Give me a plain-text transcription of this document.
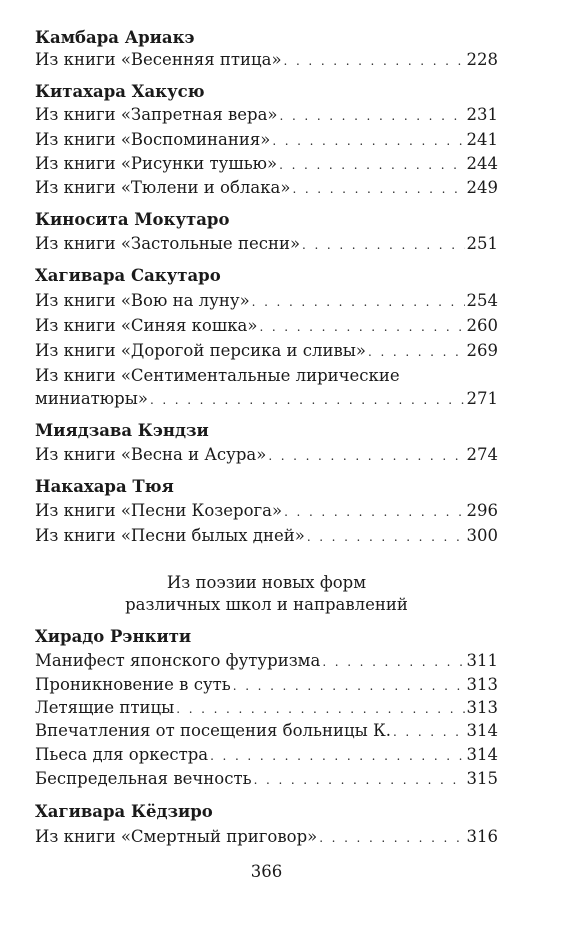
Камбара Ариакэ
Из книги «Весенняя птица» . . .	228
Китахара Хакусю
Из книги «Запретная вера» . . .	231
Из книги «Воспоминания» . . .	241
Из книги «Рисунки тушью» . . .	244
Из книги «Тюлени и облака» . . .	249
Киносита Мокутаро
Из книги «Застольные песни» . . .	251
Хагивара Сакутаро
Из книги «Вою на луну» . . .	254
Из книги «Синяя кошка» . . .	260
Из книги «Дорогой персика и сливы» . . .	269
Из книги «Сентиментальные лирические
миниатюры» . . .	271
Миядзава Кэндзи
Из книги «Весна и Асура» . . .	274
Накахара Тюя
Из книги «Песни Козерога» . . .	296
Из книги «Песни былых дней» . . .	300
Из поэзии новых форм
различных школ и направлений
Хирадо Рэнкити
Манифест японского футуризма . . .	311
Проникновение в суть . . .	313
Летящие птицы . . .	313
Впечатления от посещения больницы К. . . .	314
Пьеса для оркестра . . .	314
Беспредельная вечность . . .	315
Хагивара Кёдзиро
Из книги «Смертный приговор» . . .	316
366
